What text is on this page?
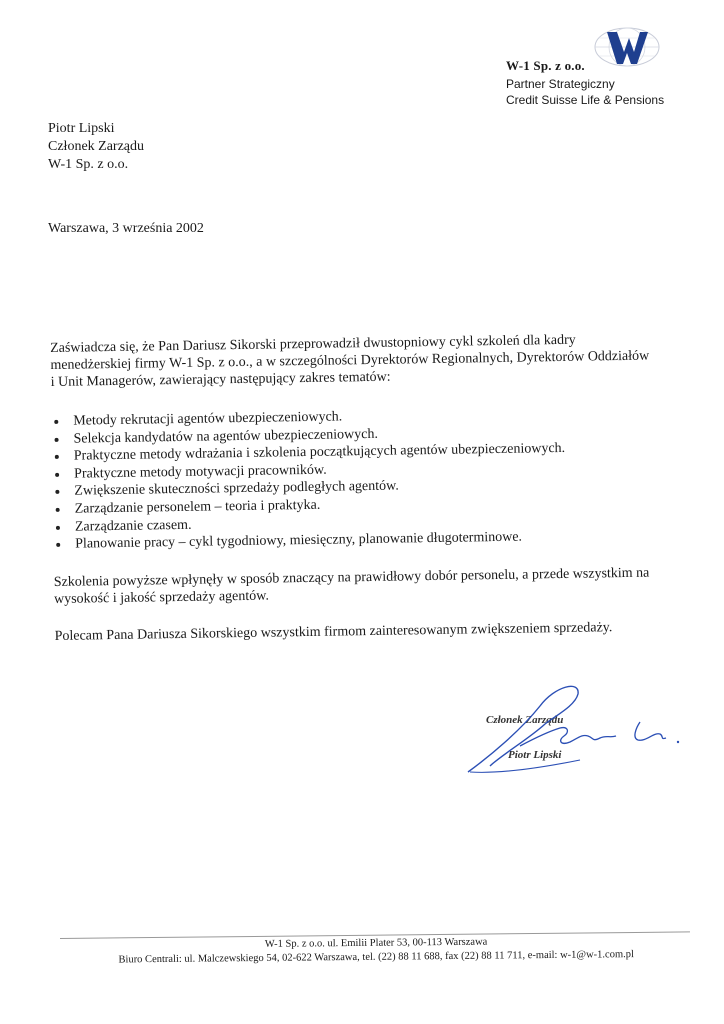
W-1 Sp. z o.o.
Partner Strategiczny
Credit Suisse Life & Pensions
Piotr Lipski
Członek Zarządu
W-1 Sp. z o.o.
Warszawa, 3 września 2002

Zaświadcza się, że Pan Dariusz Sikorski przeprowadził dwustopniowy cykl szkoleń dla kadry menedżerskiej firmy W-1 Sp. z o.o., a w szczególności Dyrektorów Regionalnych, Dyrektorów Oddziałów i Unit Managerów, zawierający następujący zakres tematów:

Metody rekrutacji agentów ubezpieczeniowych.
Selekcja kandydatów na agentów ubezpieczeniowych.
Praktyczne metody wdrażania i szkolenia początkujących agentów ubezpieczeniowych.
Praktyczne metody motywacji pracowników.
Zwiększenie skuteczności sprzedaży podległych agentów.
Zarządzanie personelem – teoria i praktyka.
Zarządzanie czasem.
Planowanie pracy – cykl tygodniowy, miesięczny, planowanie długoterminowe.

Szkolenia powyższe wpłynęły w sposób znaczący na prawidłowy dobór personelu, a przede wszystkim na wysokość i jakość sprzedaży agentów.

Polecam Pana Dariusza Sikorskiego wszystkim firmom zainteresowanym zwiększeniem sprzedaży.

Członek Zarządu
Piotr Lipski
W-1 Sp. z o.o. ul. Emilii Plater 53, 00-113 Warszawa
Biuro Centrali: ul. Malczewskiego 54, 02-622 Warszawa, tel. (22) 88 11 688, fax (22) 88 11 711, e-mail: w-1@w-1.com.pl
